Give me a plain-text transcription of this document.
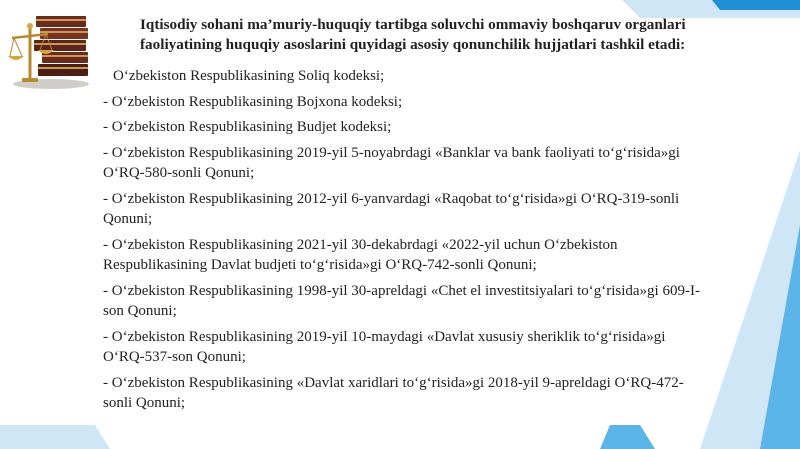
Iqtisodiy sohani ma’muriy-huquqiy tartibga soluvchi ommaviy boshqaruv organlari
faoliyatining huquqiy asoslarini quyidagi asosiy qonunchilik hujjatlari tashkil etadi:
O‘zbekiston Respublikasining Soliq kodeksi;
- O‘zbekiston Respublikasining Bojxona kodeksi;
- O‘zbekiston Respublikasining Budjet kodeksi;
- O‘zbekiston Respublikasining 2019-yil 5-noyabrdagi «Banklar va bank faoliyati to‘g‘risida»gi
O‘RQ-580-sonli Qonuni;
- O‘zbekiston Respublikasining 2012-yil 6-yanvardagi «Raqobat to‘g‘risida»gi O‘RQ-319-sonli
Qonuni;
- O‘zbekiston Respublikasining 2021-yil 30-dekabrdagi «2022-yil uchun O‘zbekiston
Respublikasining Davlat budjeti to‘g‘risida»gi O‘RQ-742-sonli Qonuni;
- O‘zbekiston Respublikasining 1998-yil 30-apreldagi «Chet el investitsiyalari to‘g‘risida»gi 609-I-
son Qonuni;
- O‘zbekiston Respublikasining 2019-yil 10-maydagi «Davlat xususiy sheriklik to‘g‘risida»gi
O‘RQ-537-son Qonuni;
- O‘zbekiston Respublikasining «Davlat xaridlari to‘g‘risida»gi 2018-yil 9-apreldagi O‘RQ-472-
sonli Qonuni;
